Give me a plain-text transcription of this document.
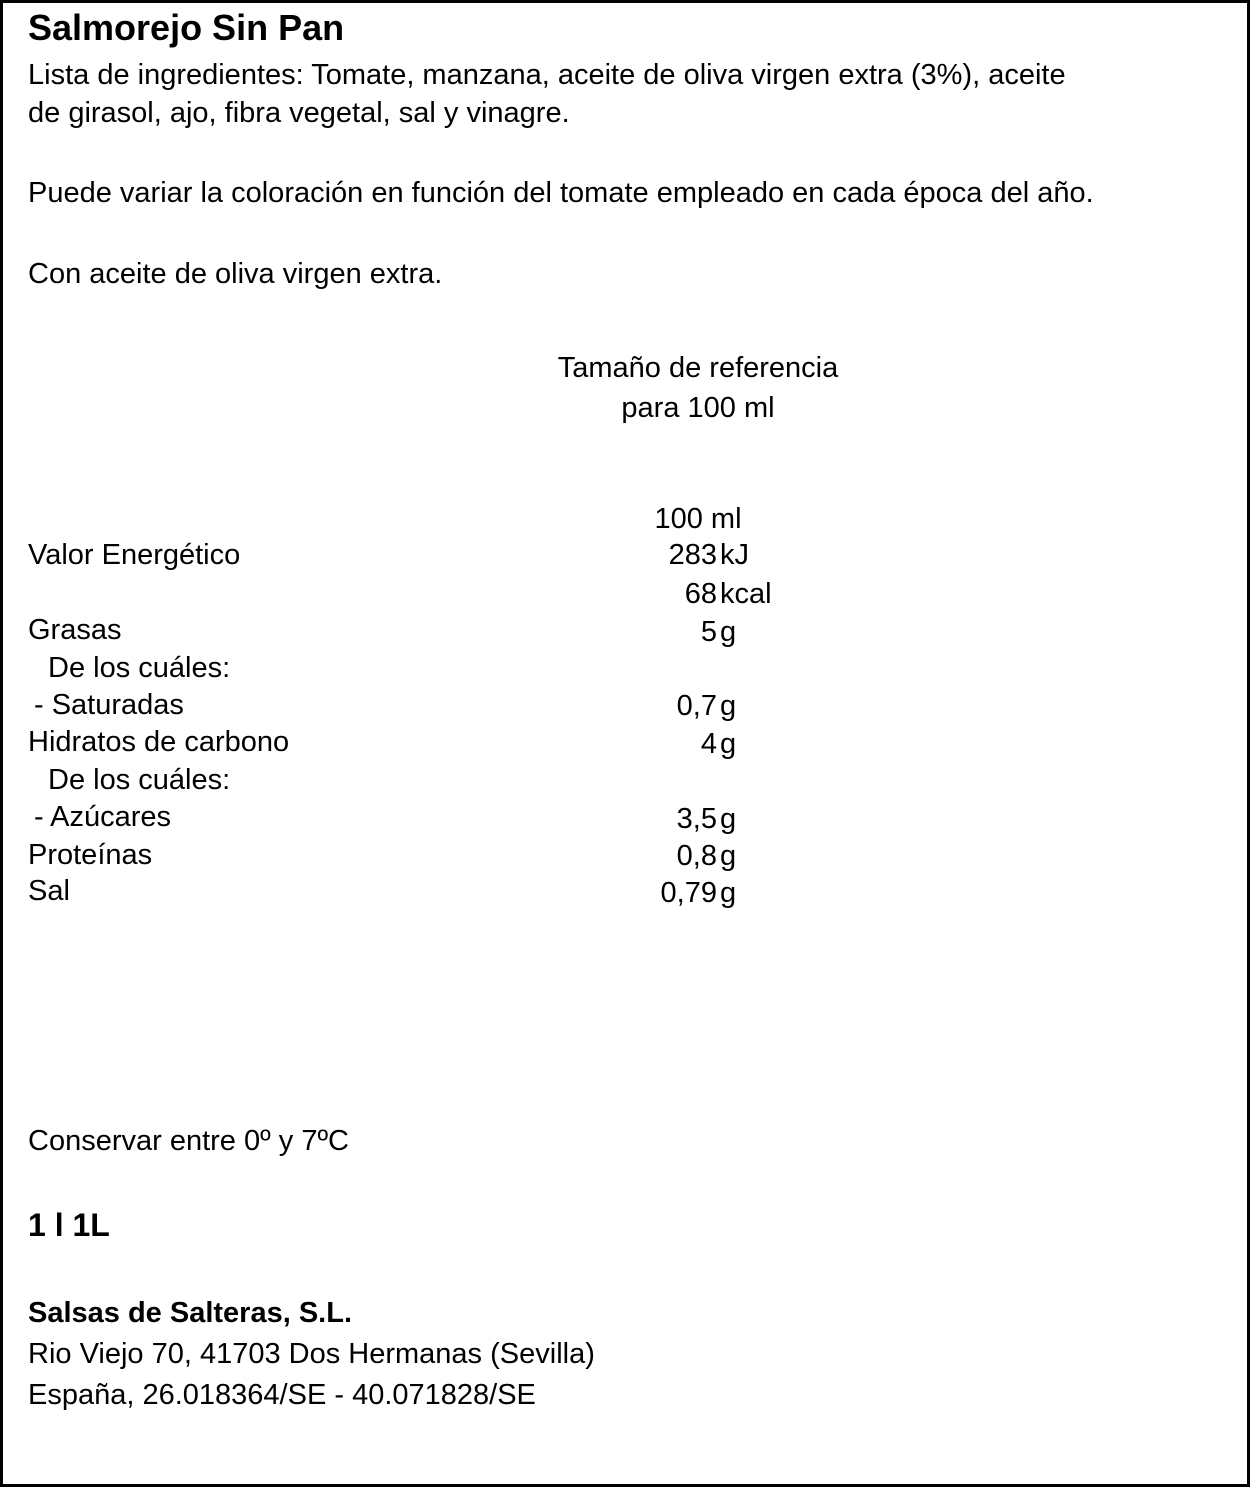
Salmorejo Sin Pan
Lista de ingredientes: Tomate, manzana, aceite de oliva virgen extra (3%), aceite
de girasol, ajo, fibra vegetal, sal y vinagre.
Puede variar la coloración en función del tomate empleado en cada época del año.
Con aceite de oliva virgen extra.
Tamaño de referencia
para 100 ml
100 ml
Valor Energético	283 kJ
68 kcal
Grasas	5 g
De los cuáles:
- Saturadas	0,7 g
Hidratos de carbono	4 g
De los cuáles:
- Azúcares	3,5 g
Proteínas	0,8 g
Sal	0,79 g
Conservar entre 0º y 7ºC
1 l 1L
Salsas de Salteras, S.L.
Rio Viejo 70, 41703 Dos Hermanas (Sevilla)
España, 26.018364/SE - 40.071828/SE
